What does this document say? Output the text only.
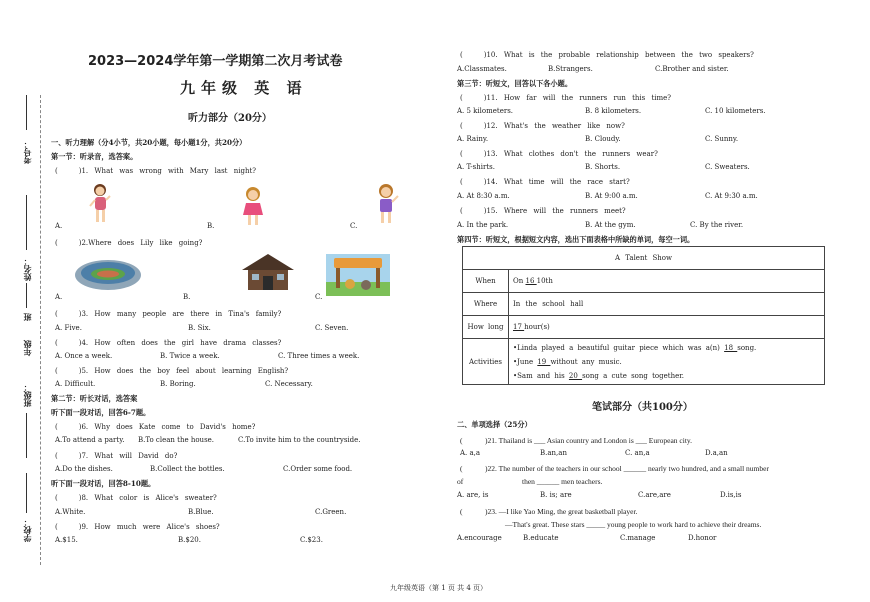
考号：
姓名：
班
年级
班级：
学校：
2023—2024学年第一学期第二次月考试卷
九年级 英 语
听力部分（20分）
一、听力理解（分4小节，共20小题，每小题1分，共20分）
第一节：听录音，选答案。
(　　　)1. What was wrong with Mary last night?
A.	B.	C.
(　　　)2.Where does Lily like going?
A.	B.	C.
(　　　)3. How many people are there in Tina's family?
A. Five.	B. Six.	C. Seven.
(　　　)4. How often does the girl have drama classes?
A. Once a week.	B. Twice a week.	C. Three times a week.
(　　　)5. How does the boy feel about learning English?
A. Difficult.	B. Boring.	C. Necessary.
第二节：听长对话，选答案
听下面一段对话，回答6-7题。
(　　　)6. Why does Kate come to David's home?
A.To attend a party. B.To clean the house.	C.To invite him to the countryside.
(　　　)7. What will David do?
A.Do the dishes.	B.Collect the bottles.	C.Order some food.
听下面一段对话，回答8-10题。
(　　　)8. What color is Alice's sweater?
A.White.	B.Blue.	C.Green.
(　　　)9. How much were Alice's shoes?
A.$15.	B.$20.	C.$23.
(　　　)10. What is the probable relationship between the two speakers?
A.Classmates.	B.Strangers.	C.Brother and sister.
第三节：听短文，回答以下各小题。
(　　　)11. How far will the runners run this time?
A. 5 kilometers.	B. 8 kilometers.	C. 10 kilometers.
(　　　)12. What's the weather like now?
A. Rainy.	B. Cloudy.	C. Sunny.
(　　　)13. What clothes don't the runners wear?
A. T-shirts.	B. Shorts.	C. Sweaters.
(　　　)14. What time will the race start?
A. At 8:30 a.m.	B. At 9:00 a.m.	C. At 9:30 a.m.
(　　　)15. Where will the runners meet?
A. In the park.	B. At the gym.	C. By the river.
第四节：听短文，根据短文内容，选出下面表格中所缺的单词，每空一词。
A Talent Show	
When	On 16 10th
Where	In the school hall
How long	17 hour(s)
Activities	•Linda played a beautiful guitar piece which was a(n) 18 song.
•June 19 without any music.
•Sam and his 20 song a cute song together.
笔试部分（共100分）
二、单项选择（25分）
(　　　)21. Thailand is ___ Asian country and London is ___ European city.
A. a,a	B.an,an	C. an,a	D.a,an
(　　　)22. The number of the teachers in our school ______ nearly two hundred, and a small number
of	then ______ men teachers.
A. are, is	B. is; are	C.are,are	D.is,is
(　　　)23. —I like Yao Ming, the great basketball player.
—That's great. These stars _____ young people to work hard to achieve their dreams.
A.encourage	B.educate	C.manage	D.honor
九年级英语（第 1 页 共 4 页）
